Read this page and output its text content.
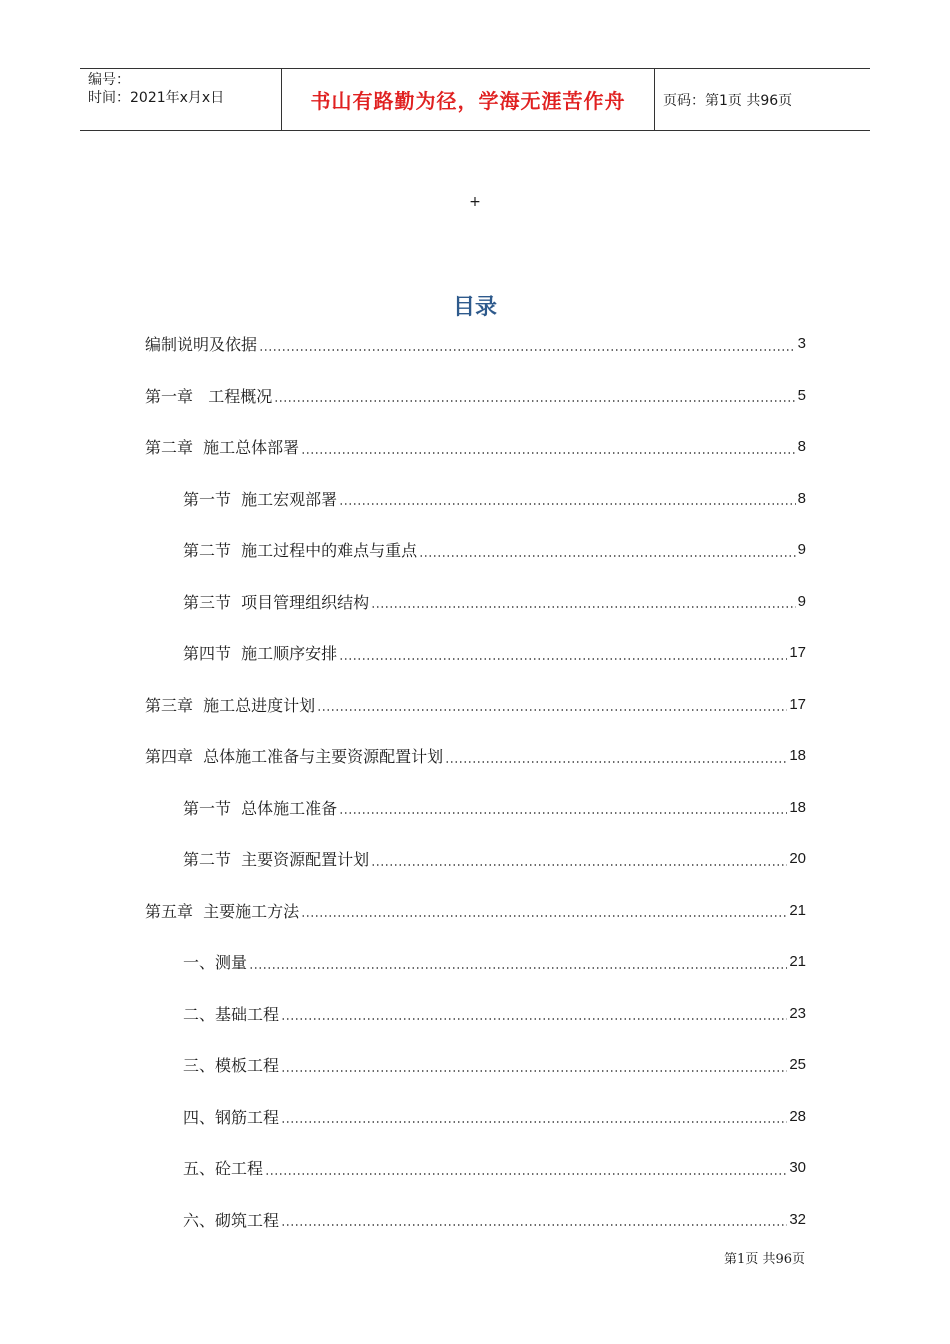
编号：
时间：2021年x月x日	书山有路勤为径，学海无涯苦作舟	页码：第1页 共96页
+
目录
编制说明及依据	3
第一章   工程概况	5
第二章  施工总体部署	8
第一节  施工宏观部署	8
第二节  施工过程中的难点与重点	9
第三节  项目管理组织结构	9
第四节  施工顺序安排	17
第三章  施工总进度计划	17
第四章  总体施工准备与主要资源配置计划	18
第一节  总体施工准备	18
第二节  主要资源配置计划	20
第五章  主要施工方法	21
一、测量	21
二、基础工程	23
三、模板工程	25
四、钢筋工程	28
五、砼工程	30
六、砌筑工程	32
第1页 共96页
